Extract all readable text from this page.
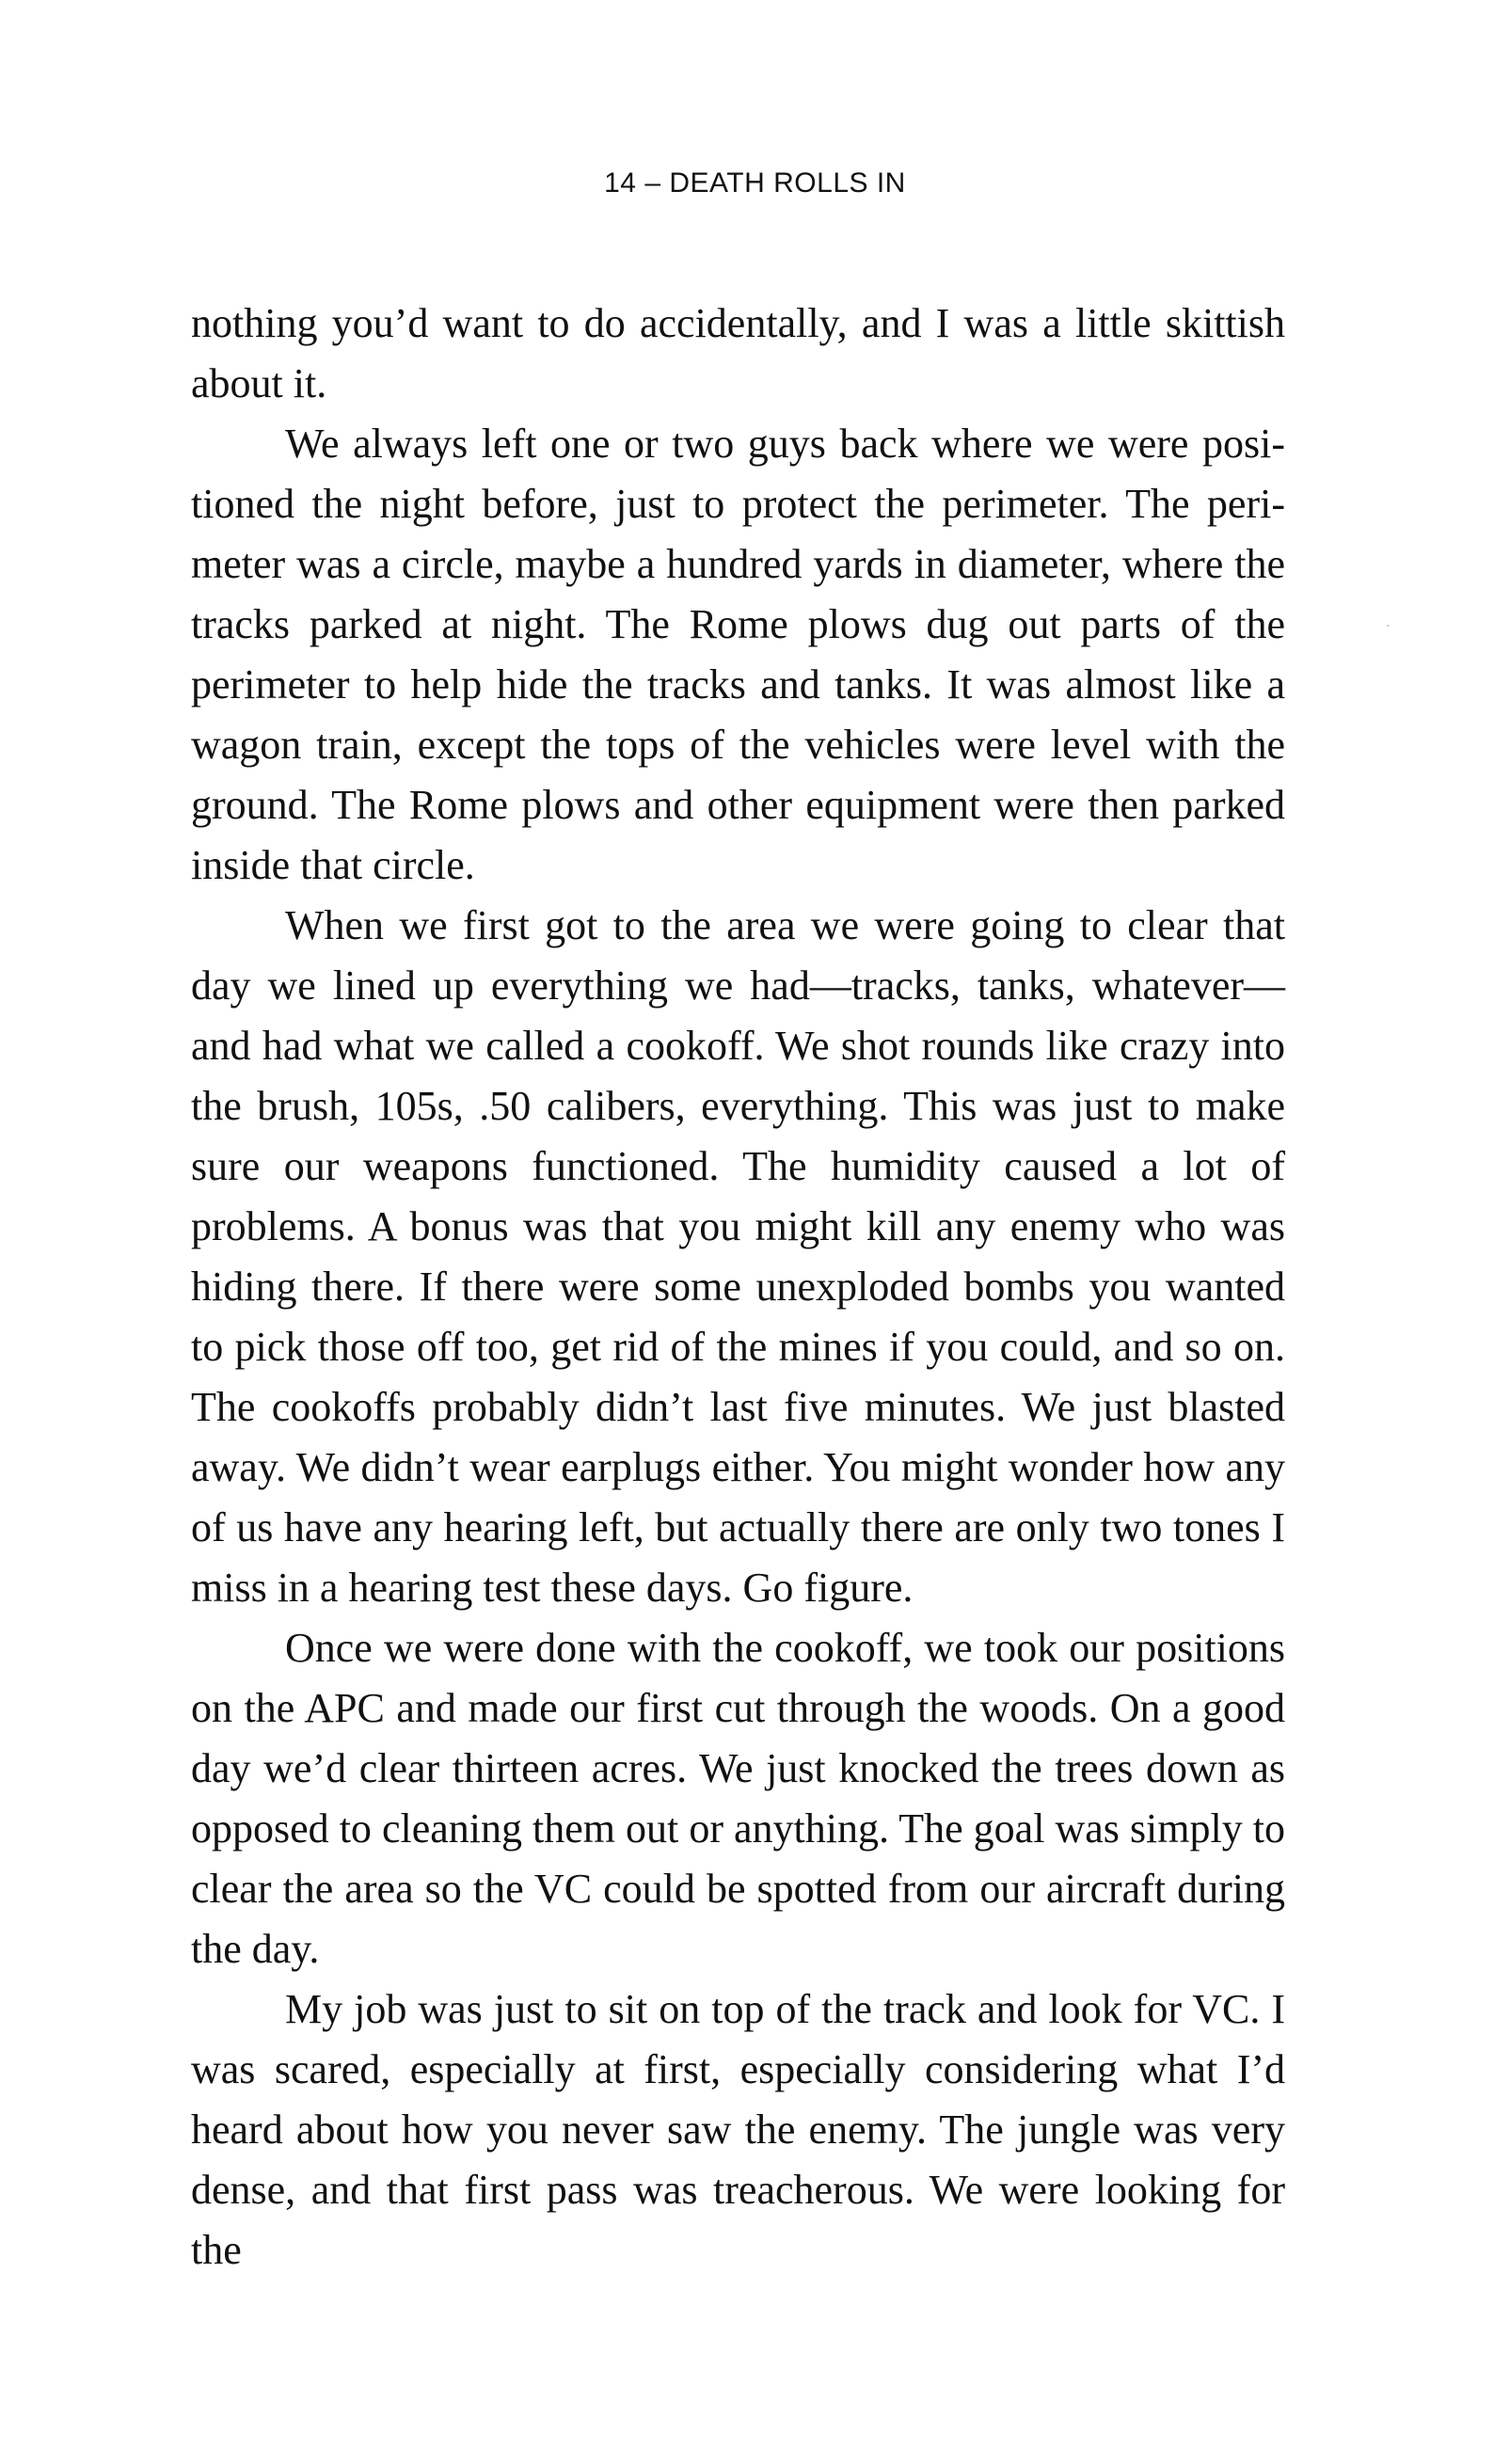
14 – DEATH ROLLS IN

nothing you’d want to do accidentally, and I was a little skittish about it.

We always left one or two guys back where we were positioned the night before, just to protect the perimeter. The perimeter was a circle, maybe a hundred yards in diameter, where the tracks parked at night. The Rome plows dug out parts of the perimeter to help hide the tracks and tanks. It was almost like a wagon train, except the tops of the vehicles were level with the ground. The Rome plows and other equipment were then parked inside that circle.

When we first got to the area we were going to clear that day we lined up everything we had—tracks, tanks, whatever—and had what we called a cookoff. We shot rounds like crazy into the brush, 105s, .50 calibers, everything. This was just to make sure our weapons functioned. The humidity caused a lot of problems. A bonus was that you might kill any enemy who was hiding there. If there were some unexploded bombs you wanted to pick those off too, get rid of the mines if you could, and so on. The cookoffs probably didn’t last five minutes. We just blasted away. We didn’t wear earplugs either. You might wonder how any of us have any hearing left, but actually there are only two tones I miss in a hearing test these days. Go figure.

Once we were done with the cookoff, we took our positions on the APC and made our first cut through the woods. On a good day we’d clear thirteen acres. We just knocked the trees down as opposed to cleaning them out or anything. The goal was simply to clear the area so the VC could be spotted from our aircraft during the day.

My job was just to sit on top of the track and look for VC. I was scared, especially at first, especially considering what I’d heard about how you never saw the enemy. The jungle was very dense, and that first pass was treacherous. We were looking for the
